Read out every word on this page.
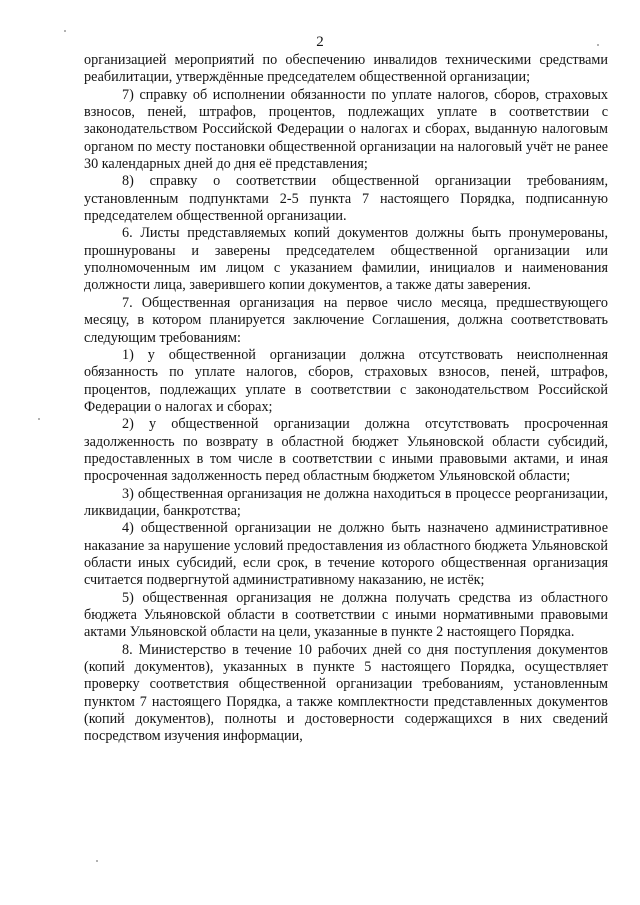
2

организацией мероприятий по обеспечению инвалидов техническими средствами реабилитации, утверждённые председателем общественной организации;

7) справку об исполнении обязанности по уплате налогов, сборов, страховых взносов, пеней, штрафов, процентов, подлежащих уплате в соответствии с законодательством Российской Федерации о налогах и сборах, выданную налоговым органом по месту постановки общественной организации на налоговый учёт не ранее 30 календарных дней до дня её представления;

8) справку о соответствии общественной организации требованиям, установленным подпунктами 2-5 пункта 7 настоящего Порядка, подписанную председателем общественной организации.

6. Листы представляемых копий документов должны быть пронумерованы, прошнурованы и заверены председателем общественной организации или уполномоченным им лицом с указанием фамилии, инициалов и наименования должности лица, заверившего копии документов, а также даты заверения.

7. Общественная организация на первое число месяца, предшествующего месяцу, в котором планируется заключение Соглашения, должна соответствовать следующим требованиям:

1) у общественной организации должна отсутствовать неисполненная обязанность по уплате налогов, сборов, страховых взносов, пеней, штрафов, процентов, подлежащих уплате в соответствии с законодательством Российской Федерации о налогах и сборах;

2) у общественной организации должна отсутствовать просроченная задолженность по возврату в областной бюджет Ульяновской области субсидий, предоставленных в том числе в соответствии с иными правовыми актами, и иная просроченная задолженность перед областным бюджетом Ульяновской области;

3) общественная организация не должна находиться в процессе реорганизации, ликвидации, банкротства;

4) общественной организации не должно быть назначено административное наказание за нарушение условий предоставления из областного бюджета Ульяновской области иных субсидий, если срок, в течение которого общественная организация считается подвергнутой административному наказанию, не истёк;

5) общественная организация не должна получать средства из областного бюджета Ульяновской области в соответствии с иными нормативными правовыми актами Ульяновской области на цели, указанные в пункте 2 настоящего Порядка.

8. Министерство в течение 10 рабочих дней со дня поступления документов (копий документов), указанных в пункте 5 настоящего Порядка, осуществляет проверку соответствия общественной организации требованиям, установленным пунктом 7 настоящего Порядка, а также комплектности представленных документов (копий документов), полноты и достоверности содержащихся в них сведений посредством изучения информации,
